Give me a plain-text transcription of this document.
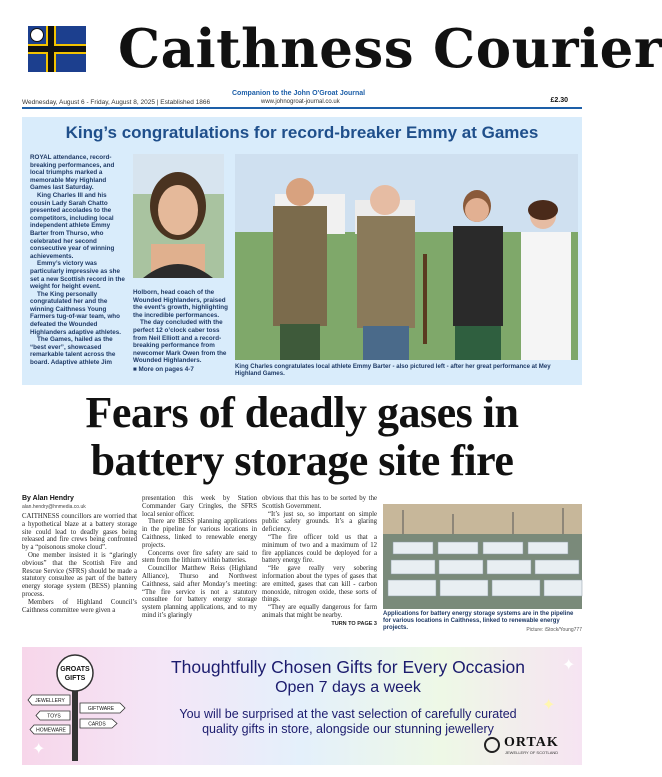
Caithness Courier
Companion to the John O'Groat Journal
Wednesday, August 6 - Friday, August 8, 2025 | Established 1866	www.johnogroat-journal.co.uk	£2.30
King’s congratulations for record-breaker Emmy at Games

ROYAL attendance, record-breaking performances, and local triumphs marked a memorable Mey Highland Games last Saturday.

King Charles III and his cousin Lady Sarah Chatto presented accolades to the competitors, including local independent athlete Emmy Barter from Thurso, who celebrated her second consecutive year of winning achievements.

Emmy’s victory was particularly impressive as she set a new Scottish record in the weight for height event.

The King personally congratulated her and the winning Caithness Young Farmers tug-of-war team, who defeated the Wounded Highlanders adaptive athletes.

The Games, hailed as the “best ever”, showcased remarkable talent across the board. Adaptive athlete Jim

Holborn, head coach of the Wounded Highlanders, praised the event’s growth, highlighting the incredible performances.

The day concluded with the perfect 12 o’clock caber toss from Neil Elliott and a record-breaking performance from newcomer Mark Owen from the Wounded Highlanders.

■ More on pages 4-7	King Charles congratulates local athlete Emmy Barter - also pictured left - after her great performance at Mey Highland Games.

Fears of deadly gases in
battery storage site fire
By Alan Hendry
alan.hendry@hnmedia.co.uk

CAITHNESS councillors are worried that a hypothetical blaze at a battery storage site could lead to deadly gases being released and fire crews being confronted by a “poisonous smoke cloud”.

One member insisted it is “glaringly obvious” that the Scottish Fire and Rescue Service (SFRS) should be made a statutory consultee as part of the battery energy storage system (BESS) planning process.

Members of Highland Council’s Caithness committee were given a

presentation this week by Station Commander Gary Cringles, the SFRS local senior officer.

There are BESS planning applications in the pipeline for various locations in Caithness, linked to renewable energy projects.

Concerns over fire safety are said to stem from the lithium within batteries.

Councillor Matthew Reiss (Highland Alliance), Thurso and Northwest Caithness, said after Monday’s meeting: “The fire service is not a statutory consultee for battery energy storage system planning applications, and to my mind it’s glaringly

obvious that this has to be sorted by the Scottish Government.

“It’s just so, so important on simple public safety grounds. It’s a glaring deficiency.

“The fire officer told us that a minimum of two and a maximum of 12 fire appliances could be deployed for a battery energy fire.

“He gave really very sobering information about the types of gases that are emitted, gases that can kill - carbon monoxide, nitrogen oxide, these sorts of things.

“They are equally dangerous for farm animals that might be nearby.

TURN TO PAGE 3

Applications for battery energy storage systems are in the pipeline for various locations in Caithness, linked to renewable energy projects.	Picture: iStock/Young777
GROATS
GIFTS
JEWELLERY
GIFTWARE
TOYS
HOMEWARE
CARDS
Thoughtfully Chosen Gifts for Every Occasion
Open 7 days a week
You will be surprised at the vast selection of carefully curated
quality gifts in store, alongside our stunning jewellery
✦
✦
✦
ORTAK
JEWELLERY OF SCOTLAND
